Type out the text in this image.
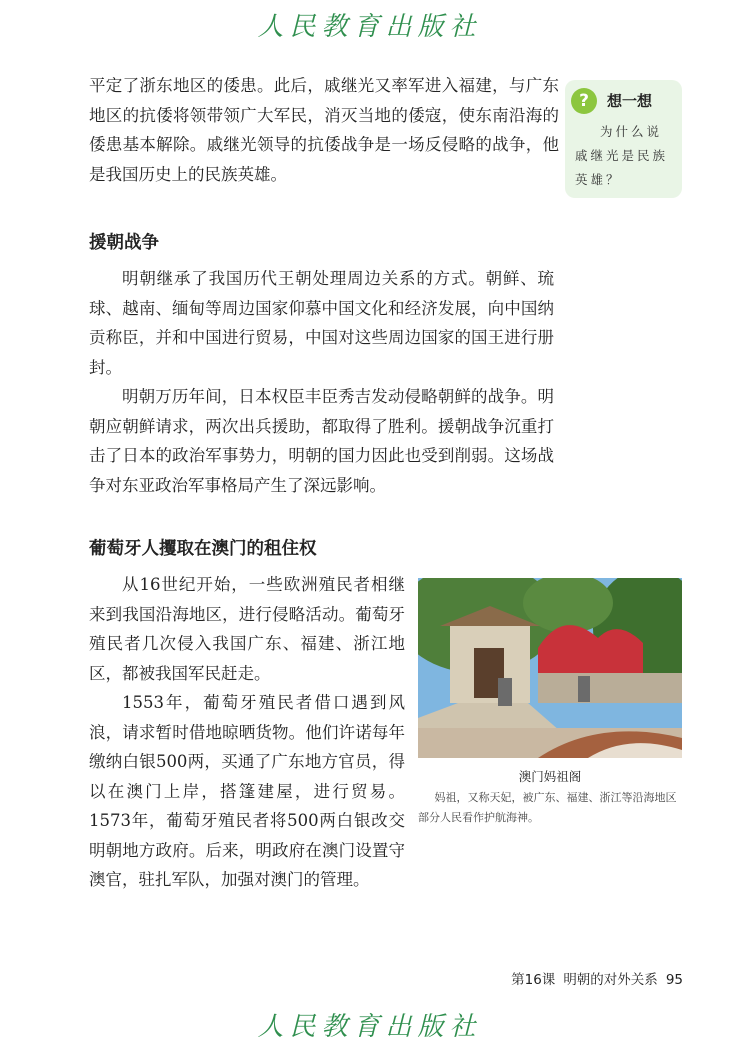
人民教育出版社

平定了浙东地区的倭患。此后，戚继光又率军进入福建，与广东地区的抗倭将领带领广大军民，消灭当地的倭寇，使东南沿海的倭患基本解除。戚继光领导的抗倭战争是一场反侵略的战争，他是我国历史上的民族英雄。

?	想一想
为什么说戚继光是民族英雄？
援朝战争

明朝继承了我国历代王朝处理周边关系的方式。朝鲜、琉球、越南、缅甸等周边国家仰慕中国文化和经济发展，向中国纳贡称臣，并和中国进行贸易，中国对这些周边国家的国王进行册封。

明朝万历年间，日本权臣丰臣秀吉发动侵略朝鲜的战争。明朝应朝鲜请求，两次出兵援助，都取得了胜利。援朝战争沉重打击了日本的政治军事势力，明朝的国力因此也受到削弱。这场战争对东亚政治军事格局产生了深远影响。

葡萄牙人攫取在澳门的租住权

从16世纪开始，一些欧洲殖民者相继来到我国沿海地区，进行侵略活动。葡萄牙殖民者几次侵入我国广东、福建、浙江地区，都被我国军民赶走。

1553年，葡萄牙殖民者借口遇到风浪，请求暂时借地晾晒货物。他们许诺每年缴纳白银500两，买通了广东地方官员，得以在澳门上岸，搭篷建屋，进行贸易。1573年，葡萄牙殖民者将500两白银改交明朝地方政府。后来，明政府在澳门设置守澳官，驻扎军队，加强对澳门的管理。

澳门妈祖阁
妈祖，又称天妃，被广东、福建、浙江等沿海地区部分人民看作护航海神。
第16课 明朝的对外关系 95
人民教育出版社
